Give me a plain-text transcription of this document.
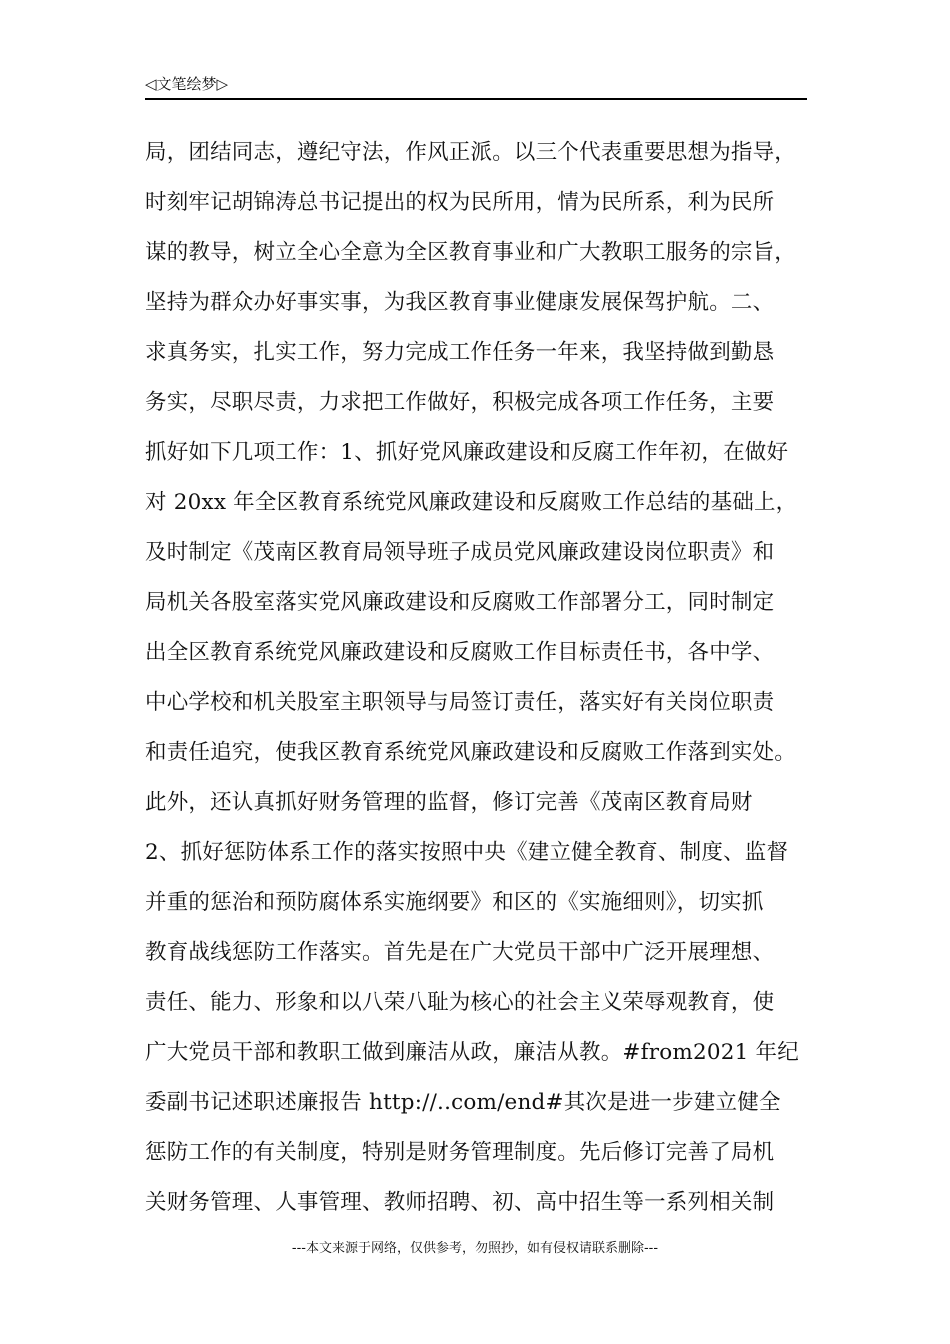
◁文笔绘梦▷
局，团结同志，遵纪守法，作风正派。以三个代表重要思想为指导，
时刻牢记胡锦涛总书记提出的权为民所用，情为民所系，利为民所
谋的教导，树立全心全意为全区教育事业和广大教职工服务的宗旨，
坚持为群众办好事实事，为我区教育事业健康发展保驾护航。二、
求真务实，扎实工作，努力完成工作任务一年来，我坚持做到勤恳
务实，尽职尽责，力求把工作做好，积极完成各项工作任务，主要
抓好如下几项工作：1、抓好党风廉政建设和反腐工作年初，在做好
对 20xx 年全区教育系统党风廉政建设和反腐败工作总结的基础上，
及时制定《茂南区教育局领导班子成员党风廉政建设岗位职责》和
局机关各股室落实党风廉政建设和反腐败工作部署分工，同时制定
出全区教育系统党风廉政建设和反腐败工作目标责任书，各中学、
中心学校和机关股室主职领导与局签订责任，落实好有关岗位职责
和责任追究，使我区教育系统党风廉政建设和反腐败工作落到实处。
此外，还认真抓好财务管理的监督，修订完善《茂南区教育局财
2、抓好惩防体系工作的落实按照中央《建立健全教育、制度、监督
并重的惩治和预防腐体系实施纲要》和区的《实施细则》，切实抓
教育战线惩防工作落实。首先是在广大党员干部中广泛开展理想、
责任、能力、形象和以八荣八耻为核心的社会主义荣辱观教育，使
广大党员干部和教职工做到廉洁从政，廉洁从教。#from2021 年纪
委副书记述职述廉报告 http://..com/end#其次是进一步建立健全
惩防工作的有关制度，特别是财务管理制度。先后修订完善了局机
关财务管理、人事管理、教师招聘、初、高中招生等一系列相关制
---本文来源于网络，仅供参考，勿照抄，如有侵权请联系删除---
